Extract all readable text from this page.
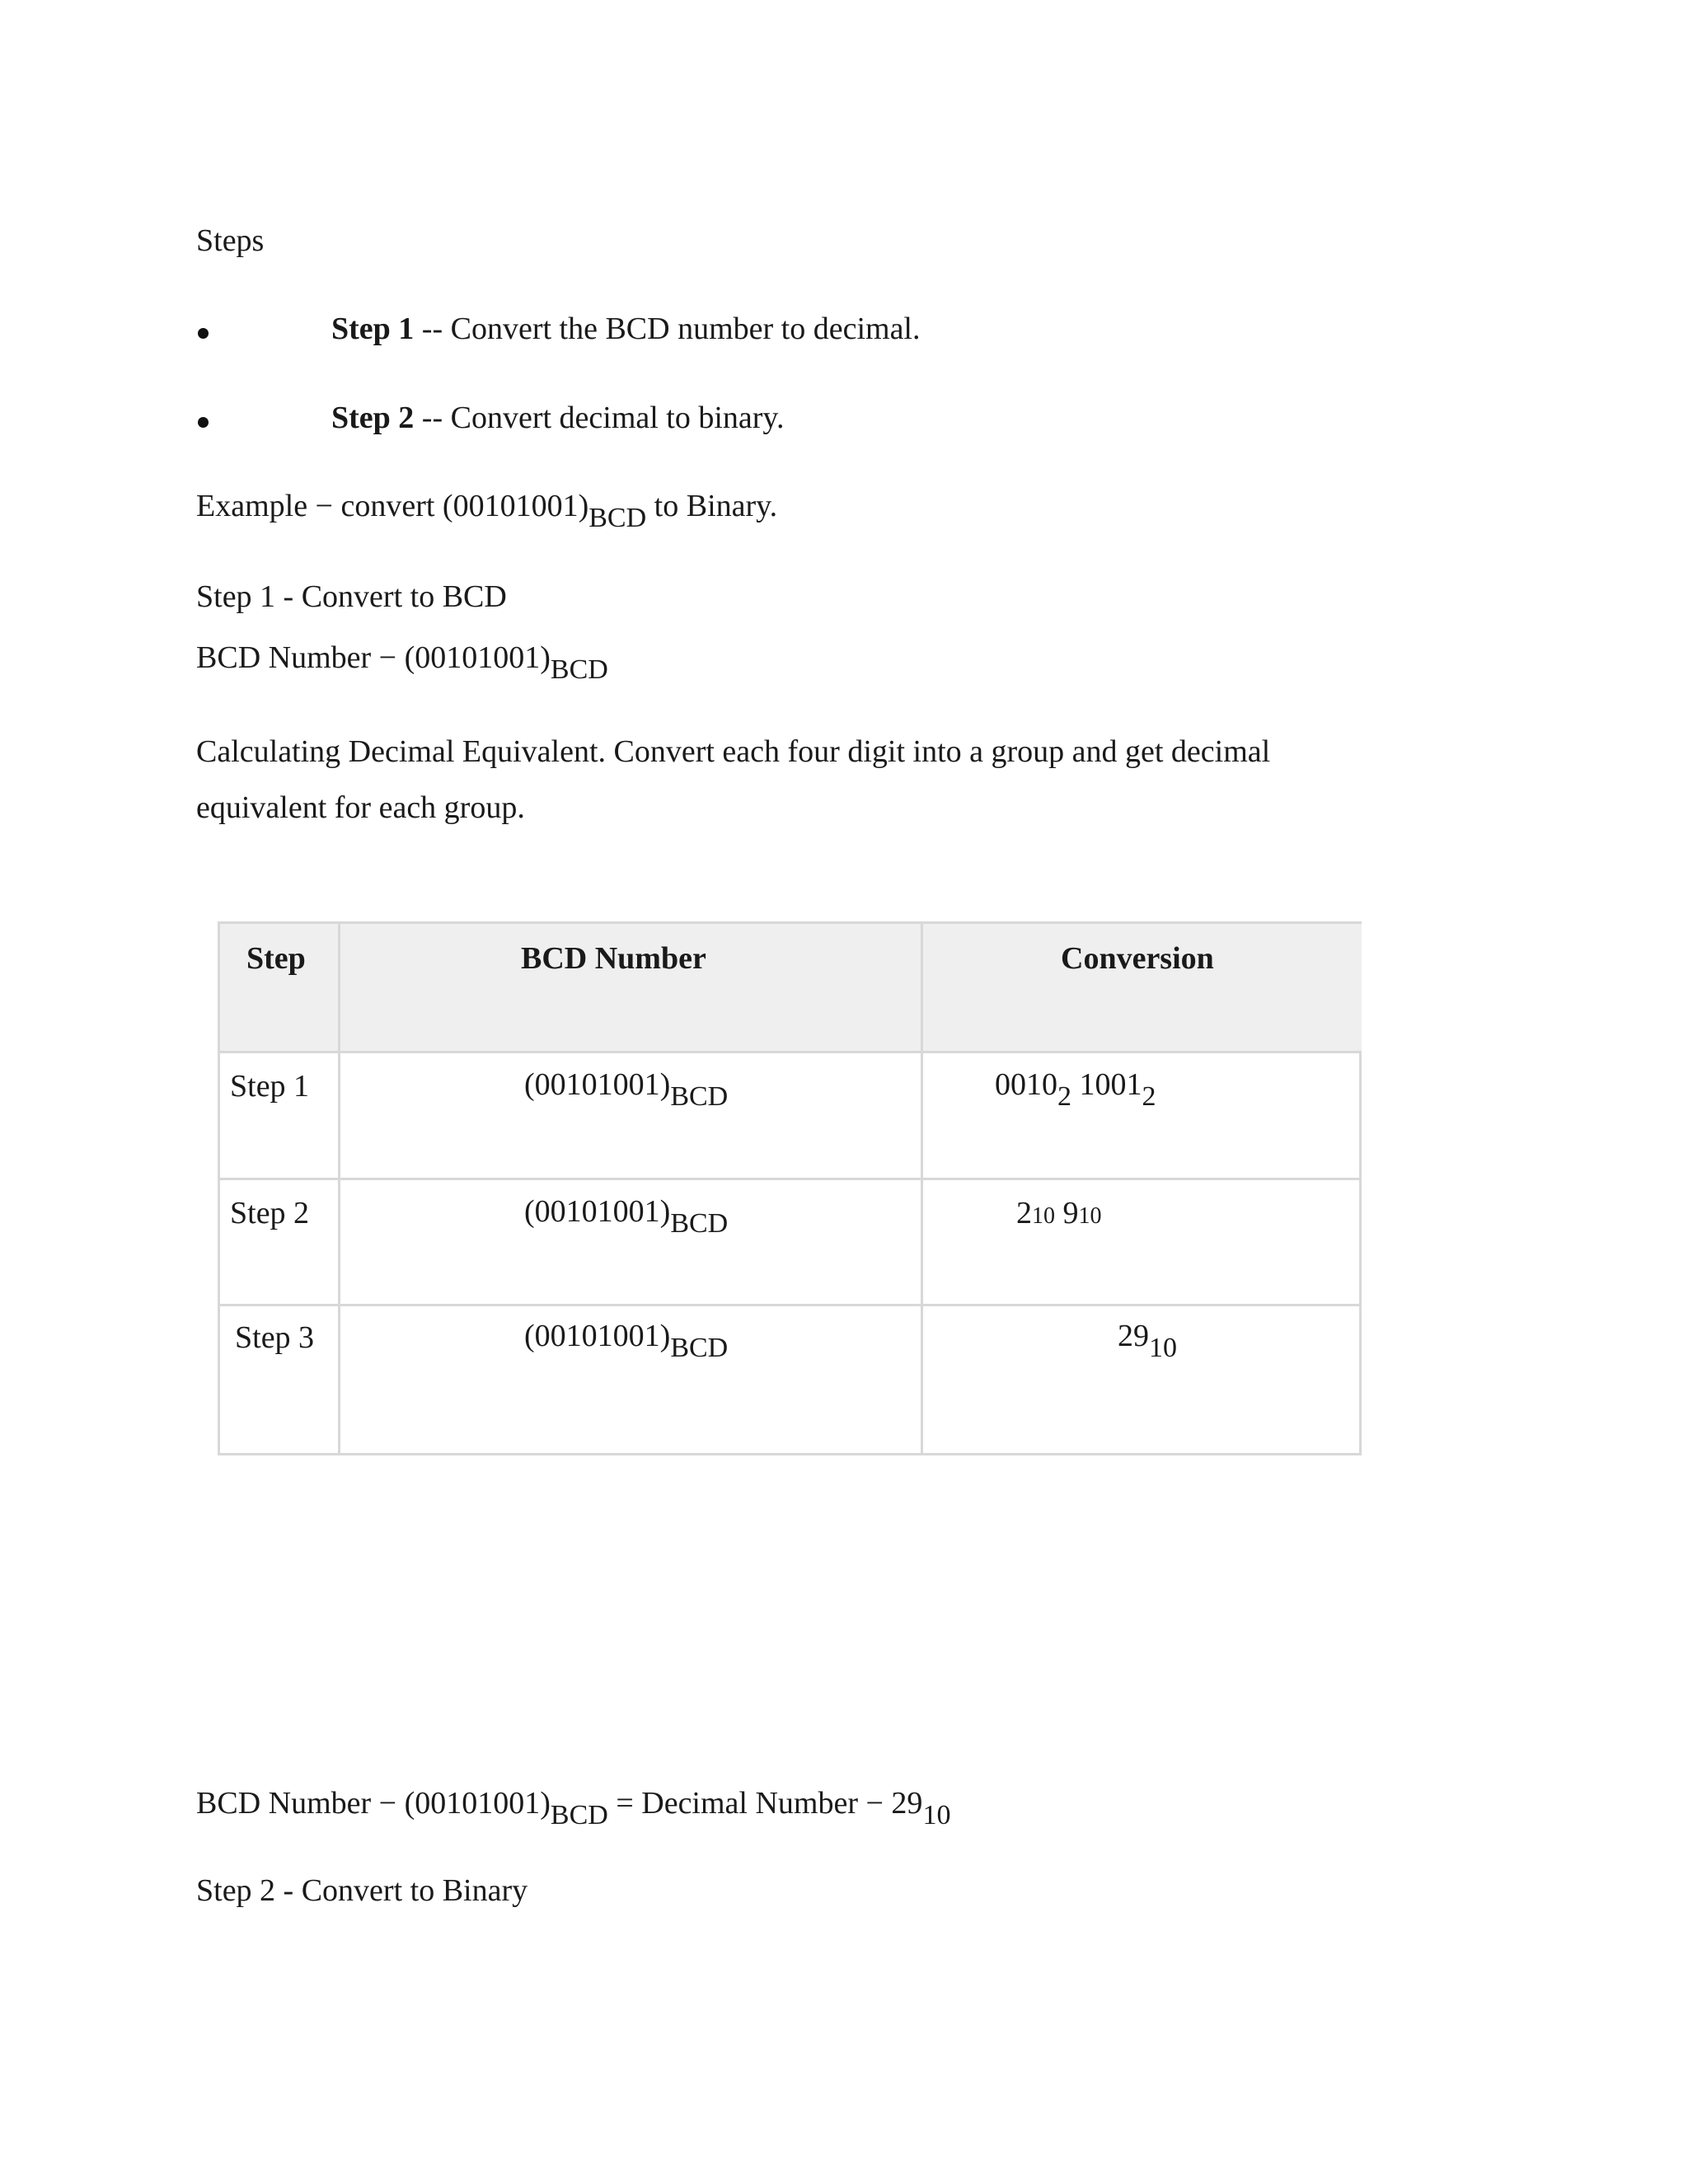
Steps
Step 1 -- Convert the BCD number to decimal.
Step 2 -- Convert decimal to binary.
Example − convert (00101001)BCD to Binary.
Step 1 - Convert to BCD
BCD Number − (00101001)BCD
Calculating Decimal Equivalent. Convert each four digit into a group and get decimal
equivalent for each group.
Step	BCD Number	Conversion
Step 1	(00101001)BCD	00102 10012
Step 2	(00101001)BCD	210 910
Step 3	(00101001)BCD	2910
BCD Number − (00101001)BCD = Decimal Number − 2910
Step 2 - Convert to Binary
